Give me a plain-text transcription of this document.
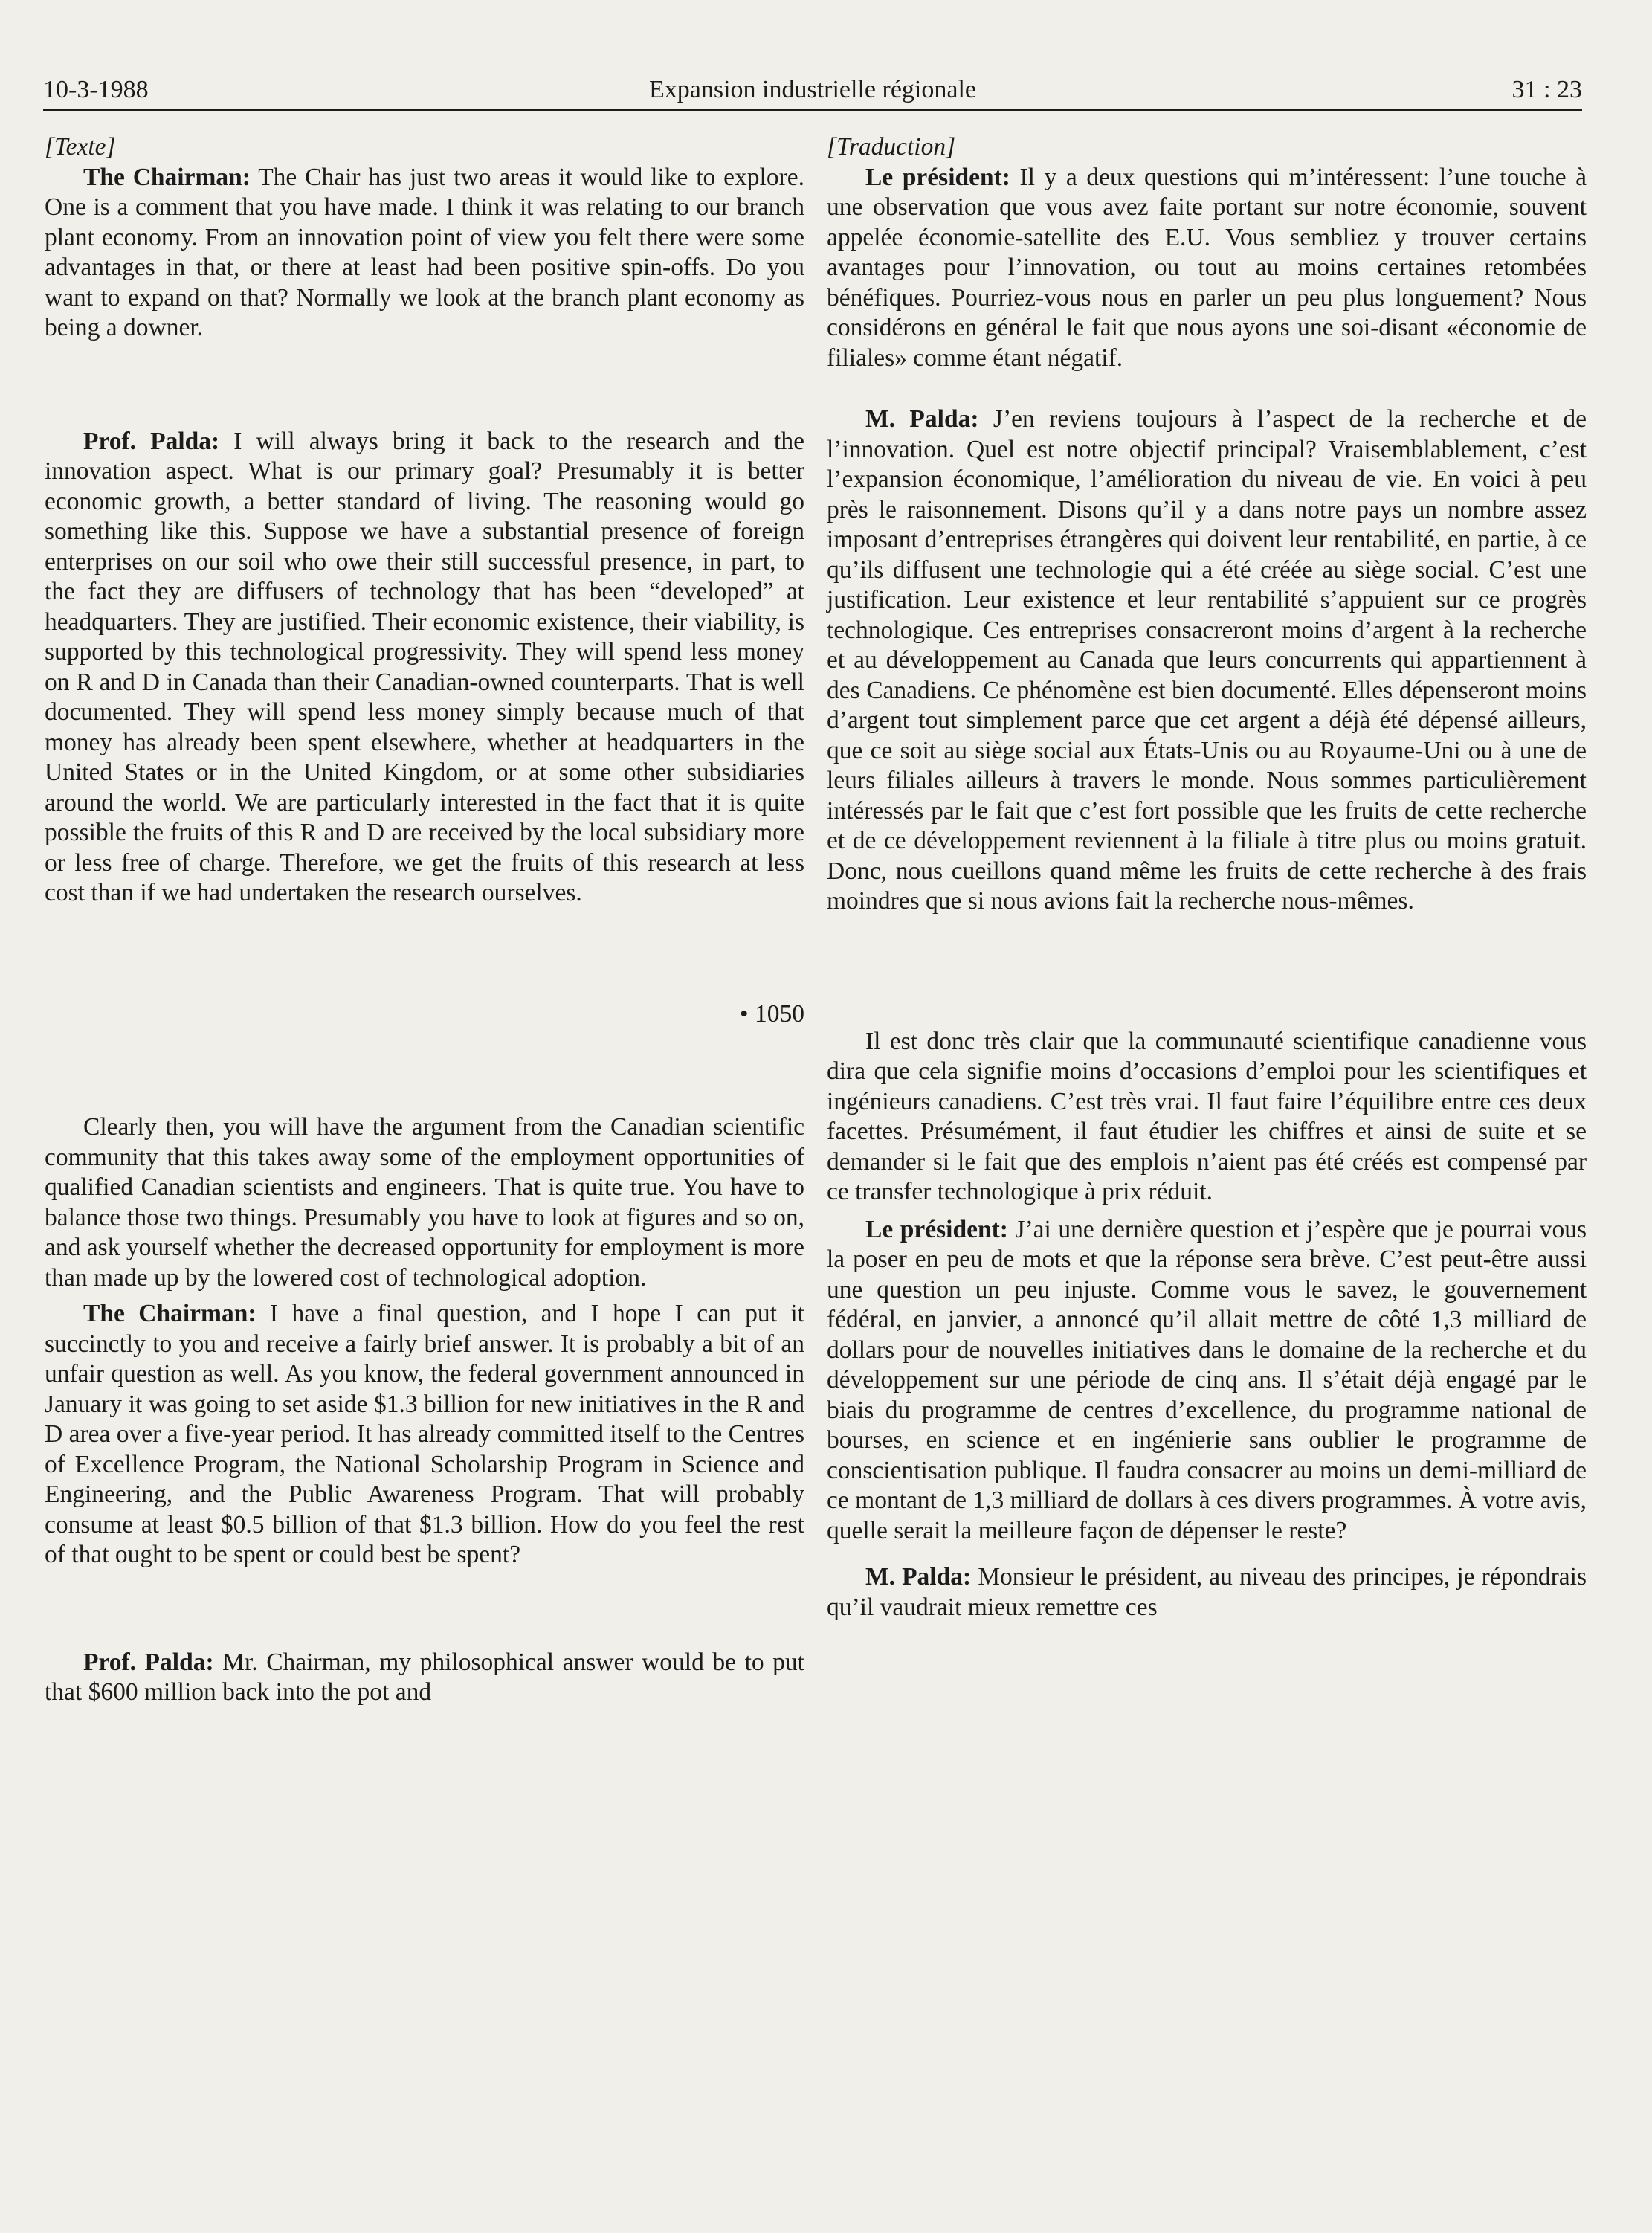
10-3-1988	Expansion industrielle régionale	31 : 23

[Texte]

The Chairman: The Chair has just two areas it would like to explore. One is a comment that you have made. I think it was relating to our branch plant economy. From an innovation point of view you felt there were some advantages in that, or there at least had been positive spin-offs. Do you want to expand on that? Normally we look at the branch plant economy as being a downer.

Prof. Palda: I will always bring it back to the research and the innovation aspect. What is our primary goal? Presumably it is better economic growth, a better standard of living. The reasoning would go something like this. Suppose we have a substantial presence of foreign enterprises on our soil who owe their still successful presence, in part, to the fact they are diffusers of technology that has been “developed” at headquarters. They are justified. Their economic existence, their viability, is supported by this technological progressivity. They will spend less money on R and D in Canada than their Canadian-owned counterparts. That is well documented. They will spend less money simply because much of that money has already been spent elsewhere, whether at headquarters in the United States or in the United Kingdom, or at some other subsidiaries around the world. We are particularly interested in the fact that it is quite possible the fruits of this R and D are received by the local subsidiary more or less free of charge. Therefore, we get the fruits of this research at less cost than if we had undertaken the research ourselves.

• 1050

Clearly then, you will have the argument from the Canadian scientific community that this takes away some of the employment opportunities of qualified Canadian scientists and engineers. That is quite true. You have to balance those two things. Presumably you have to look at figures and so on, and ask yourself whether the decreased opportunity for employment is more than made up by the lowered cost of technological adoption.

The Chairman: I have a final question, and I hope I can put it succinctly to you and receive a fairly brief answer. It is probably a bit of an unfair question as well. As you know, the federal government announced in January it was going to set aside $1.3 billion for new initiatives in the R and D area over a five-year period. It has already committed itself to the Centres of Excellence Program, the National Scholarship Program in Science and Engineering, and the Public Awareness Program. That will probably consume at least $0.5 billion of that $1.3 billion. How do you feel the rest of that ought to be spent or could best be spent?

Prof. Palda: Mr. Chairman, my philosophical answer would be to put that $600 million back into the pot and

[Traduction]

Le président: Il y a deux questions qui m’intéressent: l’une touche à une observation que vous avez faite portant sur notre économie, souvent appelée économie-satellite des E.U. Vous sembliez y trouver certains avantages pour l’innovation, ou tout au moins certaines retombées bénéfiques. Pourriez-vous nous en parler un peu plus longuement? Nous considérons en général le fait que nous ayons une soi-disant «économie de filiales» comme étant négatif.

M. Palda: J’en reviens toujours à l’aspect de la recherche et de l’innovation. Quel est notre objectif principal? Vraisemblablement, c’est l’expansion économique, l’amélioration du niveau de vie. En voici à peu près le raisonnement. Disons qu’il y a dans notre pays un nombre assez imposant d’entreprises étrangères qui doivent leur rentabilité, en partie, à ce qu’ils diffusent une technologie qui a été créée au siège social. C’est une justification. Leur existence et leur rentabilité s’appuient sur ce progrès technologique. Ces entreprises consacreront moins d’argent à la recherche et au développement au Canada que leurs concurrents qui appartiennent à des Canadiens. Ce phénomène est bien documenté. Elles dépenseront moins d’argent tout simplement parce que cet argent a déjà été dépensé ailleurs, que ce soit au siège social aux États-Unis ou au Royaume-Uni ou à une de leurs filiales ailleurs à travers le monde. Nous sommes particulièrement intéressés par le fait que c’est fort possible que les fruits de cette recherche et de ce développement reviennent à la filiale à titre plus ou moins gratuit. Donc, nous cueillons quand même les fruits de cette recherche à des frais moindres que si nous avions fait la recherche nous-mêmes.

Il est donc très clair que la communauté scientifique canadienne vous dira que cela signifie moins d’occasions d’emploi pour les scientifiques et ingénieurs canadiens. C’est très vrai. Il faut faire l’équilibre entre ces deux facettes. Présumément, il faut étudier les chiffres et ainsi de suite et se demander si le fait que des emplois n’aient pas été créés est compensé par ce transfer technologique à prix réduit.

Le président: J’ai une dernière question et j’espère que je pourrai vous la poser en peu de mots et que la réponse sera brève. C’est peut-être aussi une question un peu injuste. Comme vous le savez, le gouvernement fédéral, en janvier, a annoncé qu’il allait mettre de côté 1,3 milliard de dollars pour de nouvelles initiatives dans le domaine de la recherche et du développement sur une période de cinq ans. Il s’était déjà engagé par le biais du programme de centres d’excellence, du programme national de bourses, en science et en ingénierie sans oublier le programme de conscientisation publique. Il faudra consacrer au moins un demi-milliard de ce montant de 1,3 milliard de dollars à ces divers programmes. À votre avis, quelle serait la meilleure façon de dépenser le reste?

M. Palda: Monsieur le président, au niveau des principes, je répondrais qu’il vaudrait mieux remettre ces
